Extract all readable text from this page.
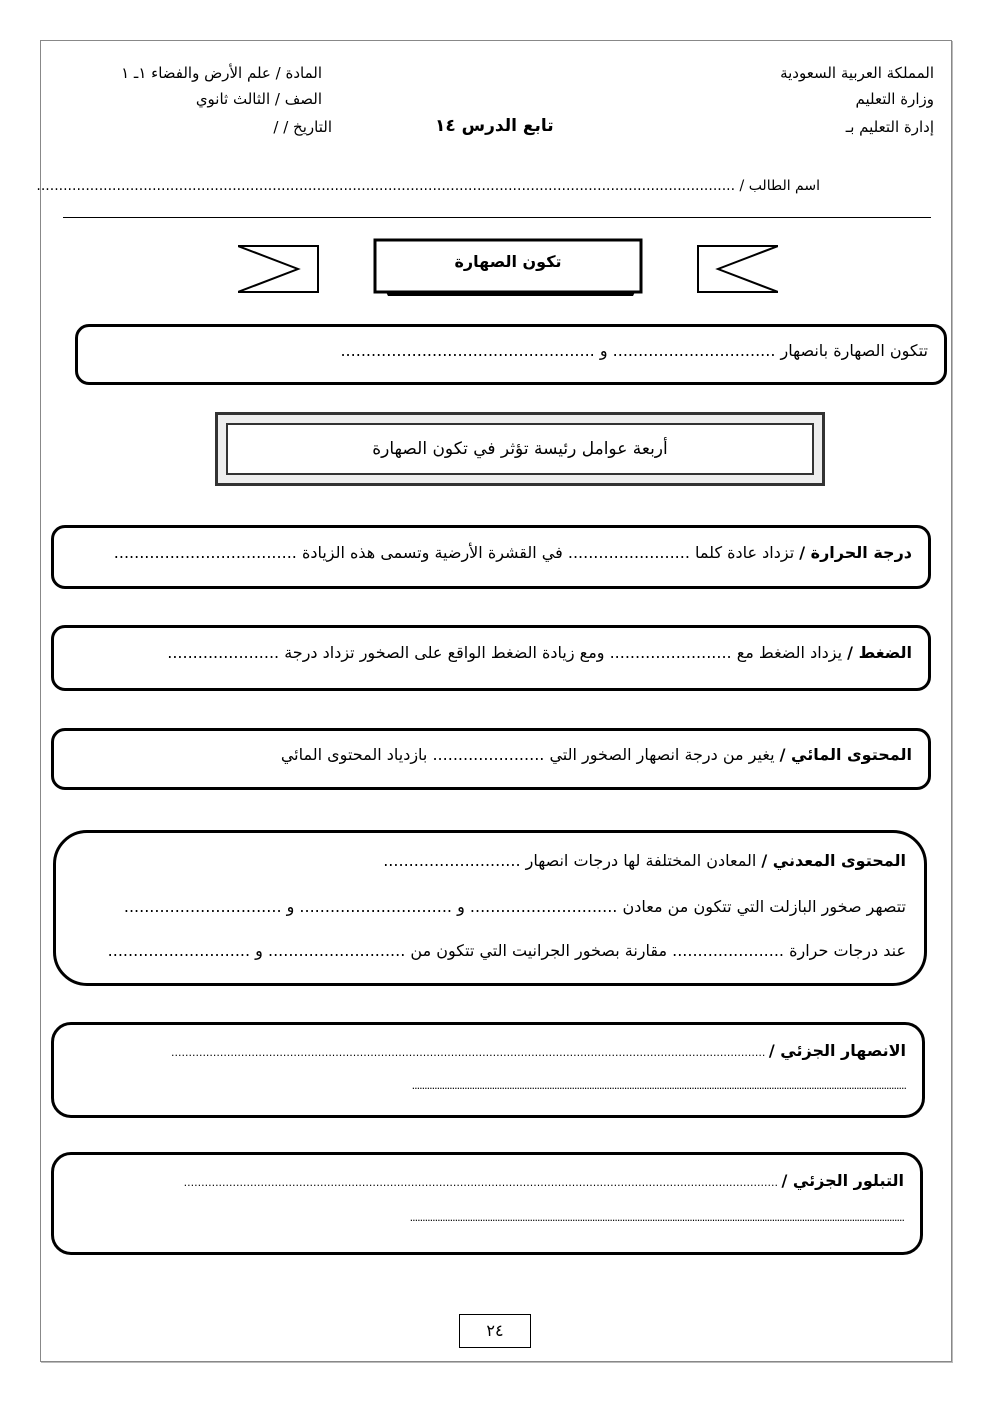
المملكة العربية السعودية
وزارة التعليم
إدارة التعليم بـ
المادة / علم الأرض والفضاء ١ـ ١
الصف / الثالث ثانوي
التاريخ / /	تابع الدرس ١٤
اسم الطالب / .............................................................................................................................................................
تكون الصهارة
تتكون الصهارة بانصهار ................................ و ..................................................
أربعة عوامل رئيسة تؤثر في تكون الصهارة
درجة الحرارة / تزداد عادة كلما ........................ في القشرة الأرضية وتسمى هذه الزيادة ....................................
الضغط / يزداد الضغط مع ........................ ومع زيادة الضغط الواقع على الصخور تزداد درجة ......................
المحتوى المائي / يغير من درجة انصهار الصخور التي ...................... بازدياد المحتوى المائي
المحتوى المعدني / المعادن المختلفة لها درجات انصهار ...........................
تتصهر صخور البازلت التي تتكون من معادن ............................. و .............................. و ...............................
عند درجات حرارة ...................... مقارنة بصخور الجرانيت التي تتكون من ........................... و ............................
الانصهار الجزئي / ..........................................................................................................................................................................
......................................................................................................................................................................................................
التبلور الجزئي / ..........................................................................................................................................................................
......................................................................................................................................................................................................
٢٤
